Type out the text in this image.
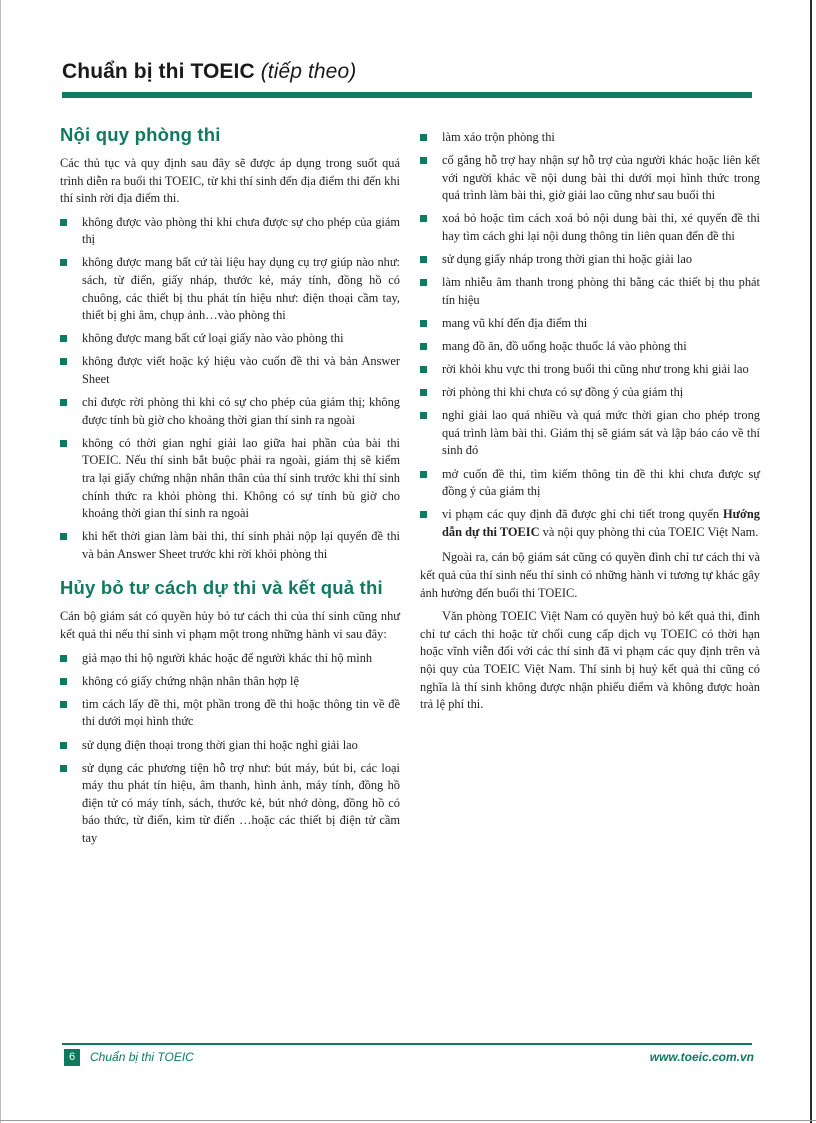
Chuẩn bị thi TOEIC (tiếp theo)
Nội quy phòng thi

Các thủ tục và quy định sau đây sẽ được áp dụng trong suốt quá trình diễn ra buổi thi TOEIC, từ khi thí sinh đến địa điểm thi đến khi thí sinh rời địa điểm thi.

không được vào phòng thi khi chưa được sự cho phép của giám thị
không được mang bất cứ tài liệu hay dụng cụ trợ giúp nào như: sách, từ điển, giấy nháp, thước kẻ, máy tính, đồng hồ có chuông, các thiết bị thu phát tín hiệu như: điện thoại cầm tay, thiết bị ghi âm, chụp ảnh…vào phòng thi
không được mang bất cứ loại giấy nào vào phòng thi
không được viết hoặc ký hiệu vào cuốn đề thi và bản Answer Sheet
chỉ được rời phòng thi khi có sự cho phép của giám thị; không được tính bù giờ cho khoảng thời gian thí sinh ra ngoài
không có thời gian nghỉ giải lao giữa hai phần của bài thi TOEIC. Nếu thí sinh bắt buộc phải ra ngoài, giám thị sẽ kiểm tra lại giấy chứng nhận nhân thân của thí sinh trước khi thí sinh chính thức ra khỏi phòng thi. Không có sự tính bù giờ cho khoảng thời gian thí sinh ra ngoài
khi hết thời gian làm bài thi, thí sinh phải nộp lại quyển đề thi và bản Answer Sheet trước khi rời khỏi phòng thi
Hủy bỏ tư cách dự thi và kết quả thi

Cán bộ giám sát có quyền hủy bỏ tư cách thi của thí sinh cũng như kết quả thi nếu thí sinh vi phạm một trong những hành vi sau đây:

giả mạo thi hộ người khác hoặc để người khác thi hộ mình
không có giấy chứng nhận nhân thân hợp lệ
tìm cách lấy đề thi, một phần trong đề thi hoặc thông tin về đề thi dưới mọi hình thức
sử dụng điện thoại trong thời gian thi hoặc nghỉ giải lao
sử dụng các phương tiện hỗ trợ như: bút máy, bút bi, các loại máy thu phát tín hiệu, âm thanh, hình ảnh, máy tính, đồng hồ điện tử có máy tính, sách, thước kẻ, bút nhớ dòng, đồng hồ có báo thức, từ điển, kim từ điển …hoặc các thiết bị điện tử cầm tay
làm xáo trộn phòng thi
cố gắng hỗ trợ hay nhận sự hỗ trợ của người khác hoặc liên kết với người khác về nội dung bài thi dưới mọi hình thức trong quá trình làm bài thi, giờ giải lao cũng như sau buổi thi
xoá bỏ hoặc tìm cách xoá bỏ nội dung bài thi, xé quyển đề thi hay tìm cách ghi lại nội dung thông tin liên quan đến đề thi
sử dụng giấy nháp trong thời gian thi hoặc giải lao
làm nhiễu âm thanh trong phòng thi bằng các thiết bị thu phát tín hiệu
mang vũ khí đến địa điểm thi
mang đồ ăn, đồ uống hoặc thuốc lá vào phòng thi
rời khỏi khu vực thi trong buổi thi cũng như trong khi giải lao
rời phòng thi khi chưa có sự đồng ý của giám thị
nghỉ giải lao quá nhiều và quá mức thời gian cho phép trong quá trình làm bài thi. Giám thị sẽ giám sát và lập báo cáo về thí sinh đó
mở cuốn đề thi, tìm kiếm thông tin đề thi khi chưa được sự đồng ý của giám thị
vi phạm các quy định đã được ghi chi tiết trong quyển Hướng dẫn dự thi TOEIC và nội quy phòng thi của TOEIC Việt Nam.

Ngoài ra, cán bộ giám sát cũng có quyền đình chỉ tư cách thi và kết quả của thí sinh nếu thí sinh có những hành vi tương tự khác gây ảnh hưởng đến buổi thi TOEIC.

Văn phòng TOEIC Việt Nam có quyền huỷ bỏ kết quả thi, đình chỉ tư cách thi hoặc từ chối cung cấp dịch vụ TOEIC có thời hạn hoặc vĩnh viễn đối với các thí sinh đã vi phạm các quy định trên và nội quy của TOEIC Việt Nam. Thí sinh bị huỷ kết quả thi cũng có nghĩa là thí sinh không được nhận phiếu điểm và không được hoàn trả lệ phí thi.

6	Chuẩn bị thi TOEIC	www.toeic.com.vn
